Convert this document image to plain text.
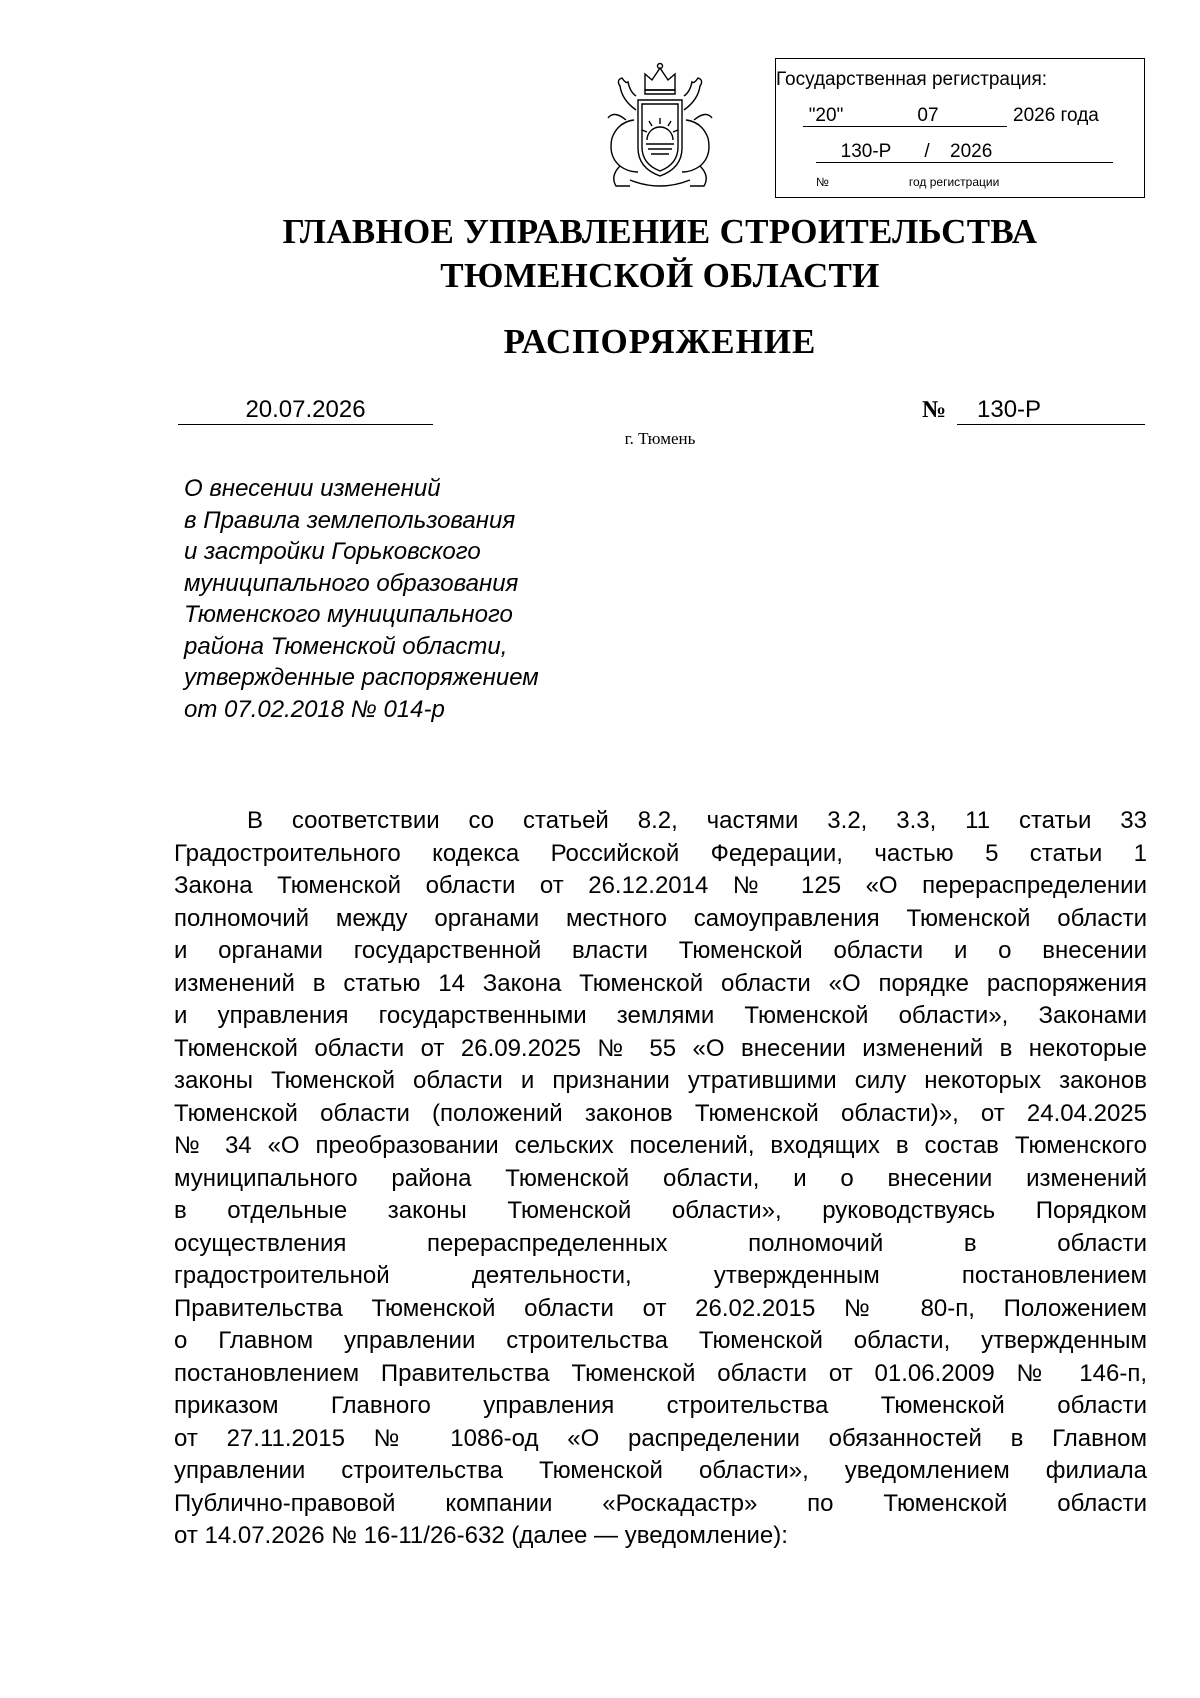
Государственная регистрация:
"20"	07	2026 года
130-Р / 2026
№	год регистрации
ГЛАВНОЕ УПРАВЛЕНИЕ СТРОИТЕЛЬСТВА
ТЮМЕНСКОЙ ОБЛАСТИ
РАСПОРЯЖЕНИЕ
20.07.2026	№	130-Р
г. Тюмень
О внесении изменений
в Правила землепользования
и застройки Горьковского
муниципального образования
Тюменского муниципального
района Тюменской области,
утвержденные распоряжением
от 07.02.2018 № 014-р
В соответствии со статьей 8.2, частями 3.2, 3.3, 11 статьи 33
Градостроительного кодекса Российской Федерации, частью 5 статьи 1
Закона Тюменской области от 26.12.2014 № 125 «О перераспределении
полномочий между органами местного самоуправления Тюменской области
и органами государственной власти Тюменской области и о внесении
изменений в статью 14 Закона Тюменской области «О порядке распоряжения
и управления государственными землями Тюменской области», Законами
Тюменской области от 26.09.2025 № 55 «О внесении изменений в некоторые
законы Тюменской области и признании утратившими силу некоторых законов
Тюменской области (положений законов Тюменской области)», от 24.04.2025
№ 34 «О преобразовании сельских поселений, входящих в состав Тюменского
муниципального района Тюменской области, и о внесении изменений
в отдельные законы Тюменской области», руководствуясь Порядком
осуществления перераспределенных полномочий в области
градостроительной деятельности, утвержденным постановлением
Правительства Тюменской области от 26.02.2015 № 80-п, Положением
о Главном управлении строительства Тюменской области, утвержденным
постановлением Правительства Тюменской области от 01.06.2009 № 146-п,
приказом Главного управления строительства Тюменской области
от 27.11.2015 № 1086-од «О распределении обязанностей в Главном
управлении строительства Тюменской области», уведомлением филиала
Публично-правовой компании «Роскадастр» по Тюменской области
от 14.07.2026 № 16-11/26-632 (далее — уведомление):
